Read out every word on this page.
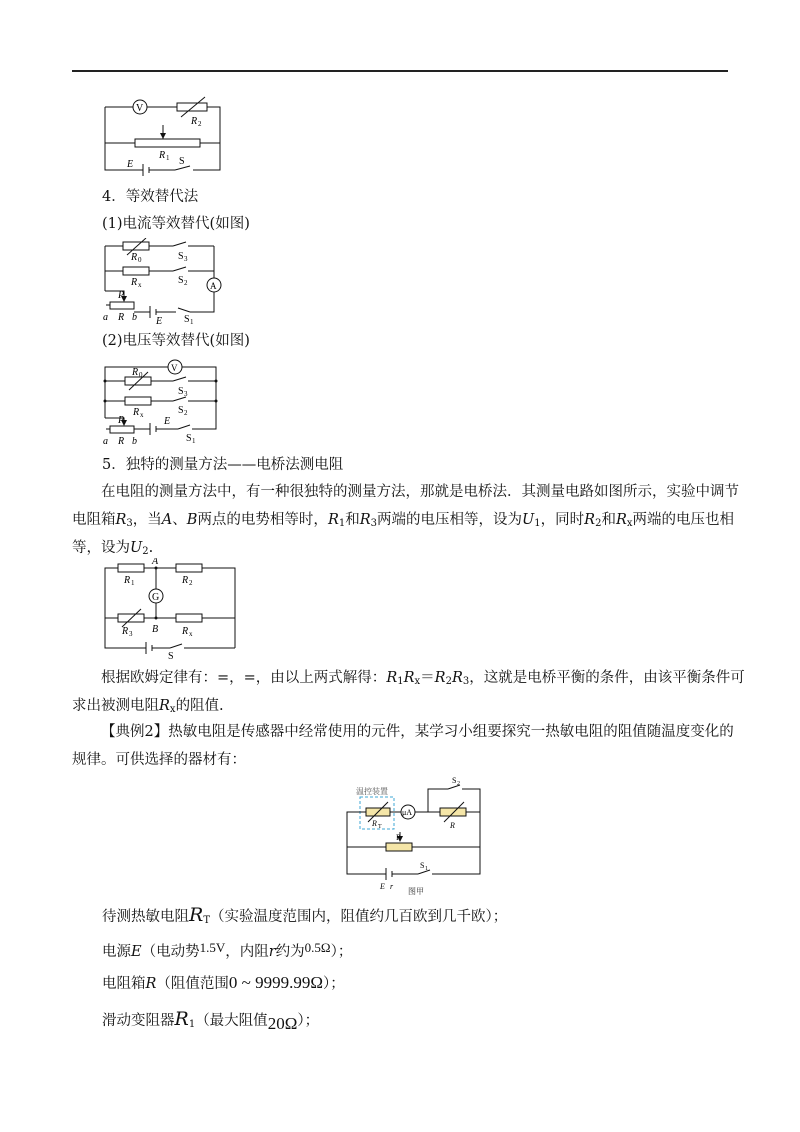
V
R 2
R 1
E	S
4．等效替代法
(1)电流等效替代(如图)
A
R 0	S 3
R x	S 2
P
a R b E S 1
(2)电压等效替代(如图)
V
R 0
S 3
R x	S 2
P
a R b
E
S 1
5．独特的测量方法——电桥法测电阻
在电阻的测量方法中，有一种很独特的测量方法，那就是电桥法．其测量电路如图所示，实验中调节
电阻箱$R_3$，当A、B两点的电势相等时，$R_1$和$R_3$两端的电压相等，设为$U_1$，同时$R_2$和$R_x$两端的电压也相
等，设为$U_2$.
G
A
B
R 1	R 2
R 3	R x
S
根据欧姆定律有：=，=，由以上两式解得：$R_1R_x=R_2R_3$，这就是电桥平衡的条件，由该平衡条件可
求出被测电阻$R_x$的阻值.
【典例2】热敏电阻是传感器中经常使用的元件，某学习小组要探究一热敏电阻的阻值随温度变化的
规律。可供选择的器材有：
温控装置
μA
R T	R
S 2
P
S 1
E r
图甲
待测热敏电阻$R_T$（实验温度范围内，阻值约几百欧到几千欧）；
电源E（电动势1.5V，内阻r约为0.5Ω）；
电阻箱R（阻值范围0 ~ 9999.99Ω）；
滑动变阻器$R_1$（最大阻值20Ω）；
